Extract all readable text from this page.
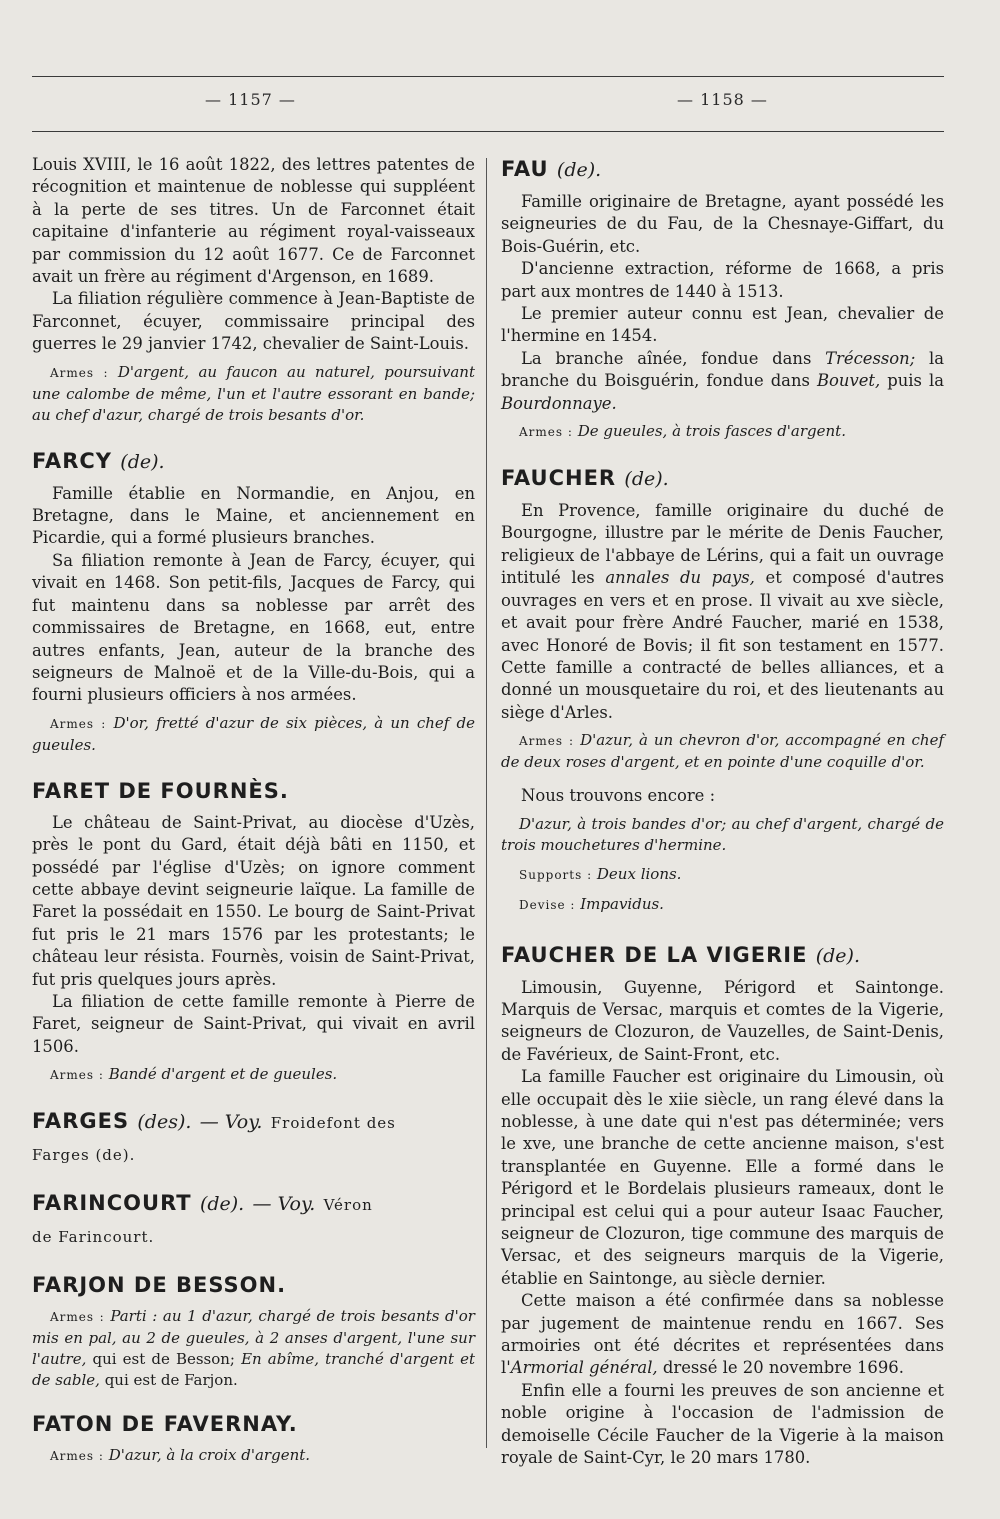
— 1157 —	— 1158 —

Louis XVIII, le 16 août 1822, des lettres patentes de récognition et maintenue de noblesse qui suppléent à la perte de ses titres. Un de Farconnet était capitaine d'infanterie au régiment royal-vaisseaux par commission du 12 août 1677. Ce de Farconnet avait un frère au régiment d'Argenson, en 1689.

La filiation régulière commence à Jean-Baptiste de Farconnet, écuyer, commissaire principal des guerres le 29 janvier 1742, chevalier de Saint-Louis.

Armes : D'argent, au faucon au naturel, poursuivant une calombe de même, l'un et l'autre essorant en bande; au chef d'azur, chargé de trois besants d'or.

FARCY (de).

Famille établie en Normandie, en Anjou, en Bretagne, dans le Maine, et anciennement en Picardie, qui a formé plusieurs branches.

Sa filiation remonte à Jean de Farcy, écuyer, qui vivait en 1468. Son petit-fils, Jacques de Farcy, qui fut maintenu dans sa noblesse par arrêt des commissaires de Bretagne, en 1668, eut, entre autres enfants, Jean, auteur de la branche des seigneurs de Malnoë et de la Ville-du-Bois, qui a fourni plusieurs officiers à nos armées.

Armes : D'or, fretté d'azur de six pièces, à un chef de gueules.

FARET DE FOURNÈS.

Le château de Saint-Privat, au diocèse d'Uzès, près le pont du Gard, était déjà bâti en 1150, et possédé par l'église d'Uzès; on ignore comment cette abbaye devint seigneurie laïque. La famille de Faret la possédait en 1550. Le bourg de Saint-Privat fut pris le 21 mars 1576 par les protestants; le château leur résista. Fournès, voisin de Saint-Privat, fut pris quelques jours après.

La filiation de cette famille remonte à Pierre de Faret, seigneur de Saint-Privat, qui vivait en avril 1506.

Armes : Bandé d'argent et de gueules.

FARGES (des). — Voy. Froidefont des
Farges (de).
FARINCOURT (de). — Voy. Véron
de Farincourt.
FARJON DE BESSON.

Armes : Parti : au 1 d'azur, chargé de trois besants d'or mis en pal, au 2 de gueules, à 2 anses d'argent, l'une sur l'autre, qui est de Besson; En abîme, tranché d'argent et de sable, qui est de Farjon.

FATON DE FAVERNAY.

Armes : D'azur, à la croix d'argent.

FAU (de).

Famille originaire de Bretagne, ayant possédé les seigneuries de du Fau, de la Chesnaye-Giffart, du Bois-Guérin, etc.

D'ancienne extraction, réforme de 1668, a pris part aux montres de 1440 à 1513.

Le premier auteur connu est Jean, chevalier de l'hermine en 1454.

La branche aînée, fondue dans Trécesson; la branche du Boisguérin, fondue dans Bouvet, puis la Bourdonnaye.

Armes : De gueules, à trois fasces d'argent.

FAUCHER (de).

En Provence, famille originaire du duché de Bourgogne, illustre par le mérite de Denis Faucher, religieux de l'abbaye de Lérins, qui a fait un ouvrage intitulé les annales du pays, et composé d'autres ouvrages en vers et en prose. Il vivait au xve siècle, et avait pour frère André Faucher, marié en 1538, avec Honoré de Bovis; il fit son testament en 1577. Cette famille a contracté de belles alliances, et a donné un mousquetaire du roi, et des lieutenants au siège d'Arles.

Armes : D'azur, à un chevron d'or, accompagné en chef de deux roses d'argent, et en pointe d'une coquille d'or.

Nous trouvons encore :

D'azur, à trois bandes d'or; au chef d'argent, chargé de trois mouchetures d'hermine.

Supports : Deux lions.

Devise : Impavidus.

FAUCHER DE LA VIGERIE (de).

Limousin, Guyenne, Périgord et Saintonge. Marquis de Versac, marquis et comtes de la Vigerie, seigneurs de Clozuron, de Vauzelles, de Saint-Denis, de Favérieux, de Saint-Front, etc.

La famille Faucher est originaire du Limousin, où elle occupait dès le xiie siècle, un rang élevé dans la noblesse, à une date qui n'est pas déterminée; vers le xve, une branche de cette ancienne maison, s'est transplantée en Guyenne. Elle a formé dans le Périgord et le Bordelais plusieurs rameaux, dont le principal est celui qui a pour auteur Isaac Faucher, seigneur de Clozuron, tige commune des marquis de Versac, et des seigneurs marquis de la Vigerie, établie en Saintonge, au siècle dernier.

Cette maison a été confirmée dans sa noblesse par jugement de maintenue rendu en 1667. Ses armoiries ont été décrites et représentées dans l'Armorial général, dressé le 20 novembre 1696.

Enfin elle a fourni les preuves de son ancienne et noble origine à l'occasion de l'admission de demoiselle Cécile Faucher de la Vigerie à la maison royale de Saint-Cyr, le 20 mars 1780.
